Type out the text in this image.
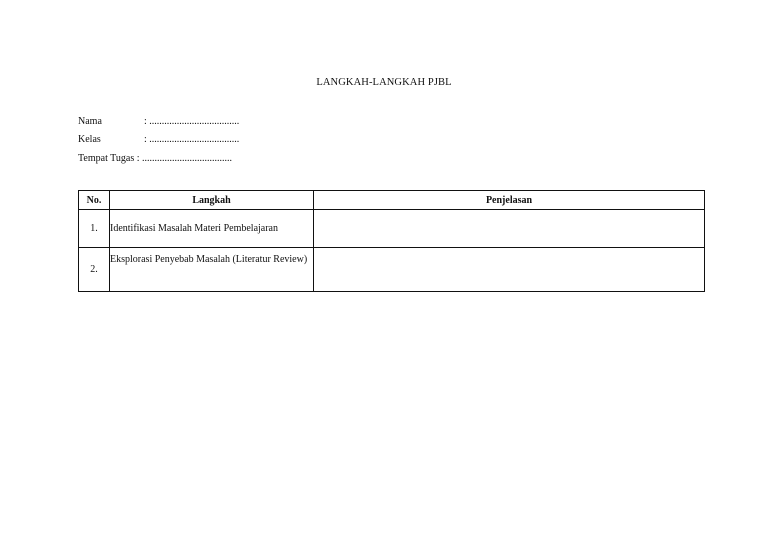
LANGKAH-LANGKAH PJBL
Nama	: ....................................
Kelas	: ....................................
Tempat Tugas : ....................................
No.	Langkah	Penjelasan
1.	Identifikasi Masalah Materi Pembelajaran	
2.	Eksplorasi Penyebab Masalah (Literatur Review)	
